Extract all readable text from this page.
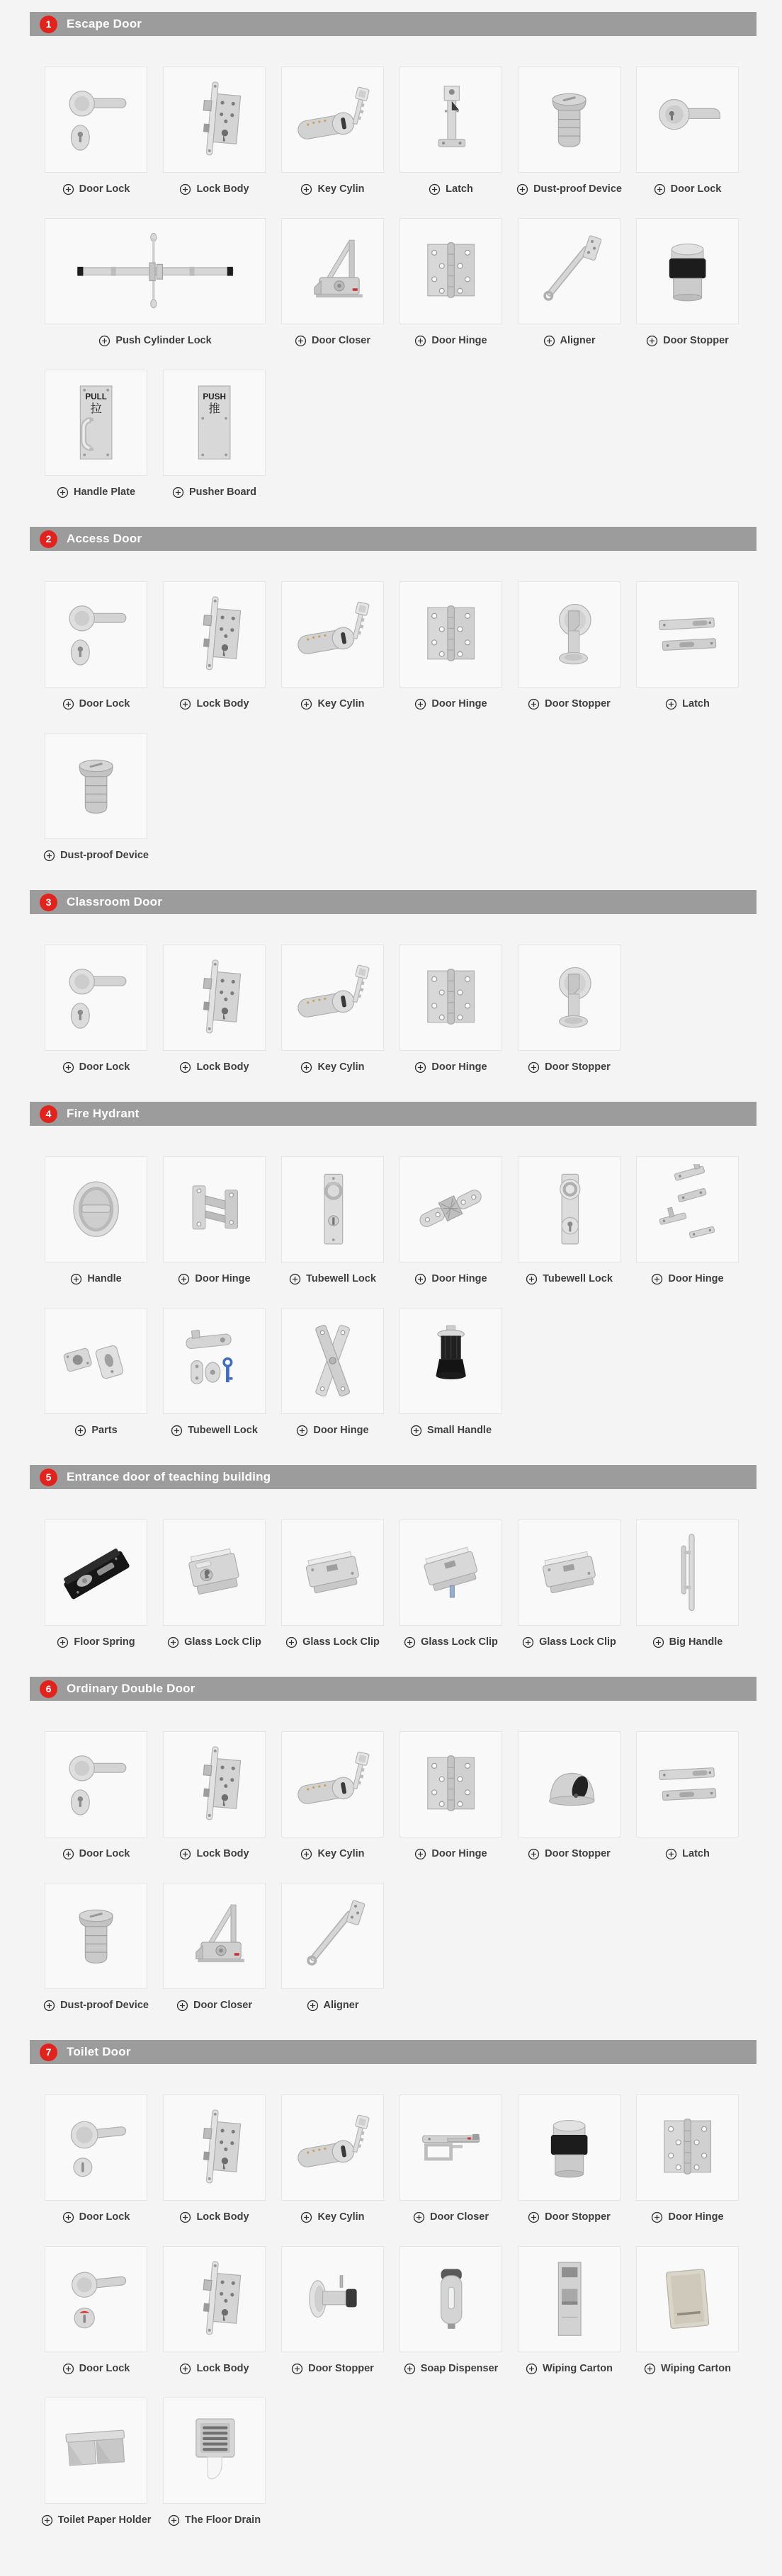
1	Escape Door
Door Lock	Lock Body	Key Cylin	Latch	Dust-proof Device	Door Lock
Push Cylinder Lock	Door Closer	Door Hinge	Aligner	Door Stopper
PULL
拉
Handle Plate
PUSH
推
Pusher Board
2	Access Door
Door Lock	Lock Body	Key Cylin	Door Hinge	Door Stopper	Latch
Dust-proof Device
3	Classroom Door
Door Lock	Lock Body	Key Cylin	Door Hinge	Door Stopper
4	Fire Hydrant
Handle	Door Hinge	Tubewell Lock	Door Hinge	Tubewell Lock	Door Hinge
Parts	Tubewell Lock	Door Hinge	Small Handle
5	Entrance door of teaching building
Floor Spring	Glass Lock Clip	Glass Lock Clip	Glass Lock Clip	Glass Lock Clip	Big Handle
6	Ordinary Double Door
Door Lock	Lock Body	Key Cylin	Door Hinge	Door Stopper	Latch
Dust-proof Device	Door Closer	Aligner
7	Toilet Door
Door Lock	Lock Body	Key Cylin	Door Closer	Door Stopper	Door Hinge
Door Lock	Lock Body	Door Stopper	Soap Dispenser	Wiping Carton	Wiping Carton
Toilet Paper Holder	The Floor Drain
